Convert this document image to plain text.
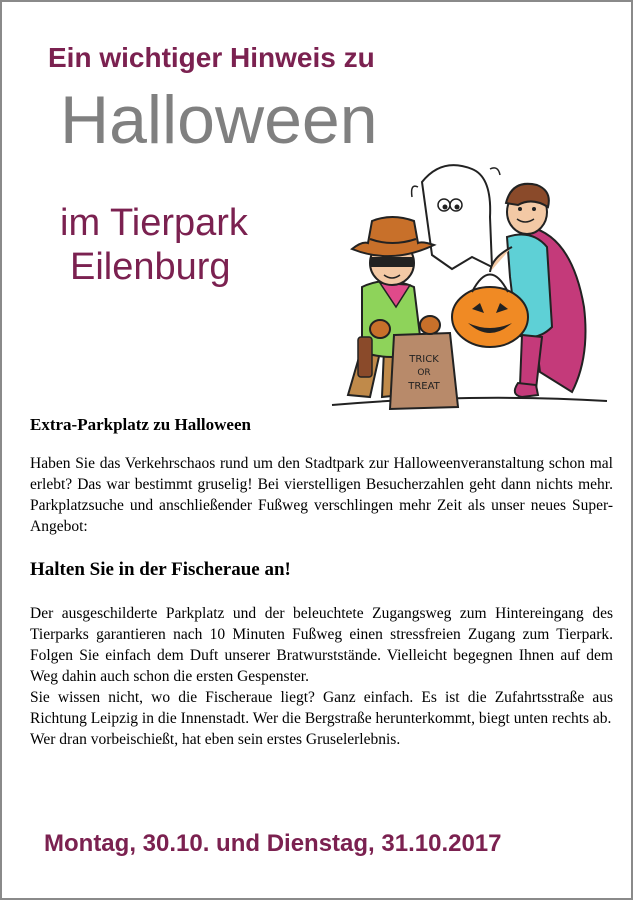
Ein wichtiger Hinweis zu
Halloween
im Tierpark
Eilenburg
TRICK
OR
TREAT
Extra-Parkplatz zu Halloween

Haben Sie das Verkehrschaos rund um den Stadtpark zur Halloweenveranstaltung schon mal erlebt? Das war bestimmt gruselig! Bei vierstelligen Besucherzahlen geht dann nichts mehr. Parkplatzsuche und anschließender Fußweg verschlingen mehr Zeit als unser neues Super-Angebot:

Halten Sie in der Fischeraue an!

Der ausgeschilderte Parkplatz und der beleuchtete Zugangsweg zum Hintereingang des Tierparks garantieren nach 10 Minuten Fußweg einen stressfreien Zugang zum Tierpark. Folgen Sie einfach dem Duft unserer Bratwurststände. Vielleicht begegnen Ihnen auf dem Weg dahin auch schon die ersten Gespenster.
Sie wissen nicht, wo die Fischeraue liegt? Ganz einfach. Es ist die Zufahrtsstraße aus Richtung Leipzig in die Innenstadt. Wer die Bergstraße herunterkommt, biegt unten rechts ab.
Wer dran vorbeischießt, hat eben sein erstes Gruselerlebnis.

Montag, 30.10. und Dienstag, 31.10.2017
